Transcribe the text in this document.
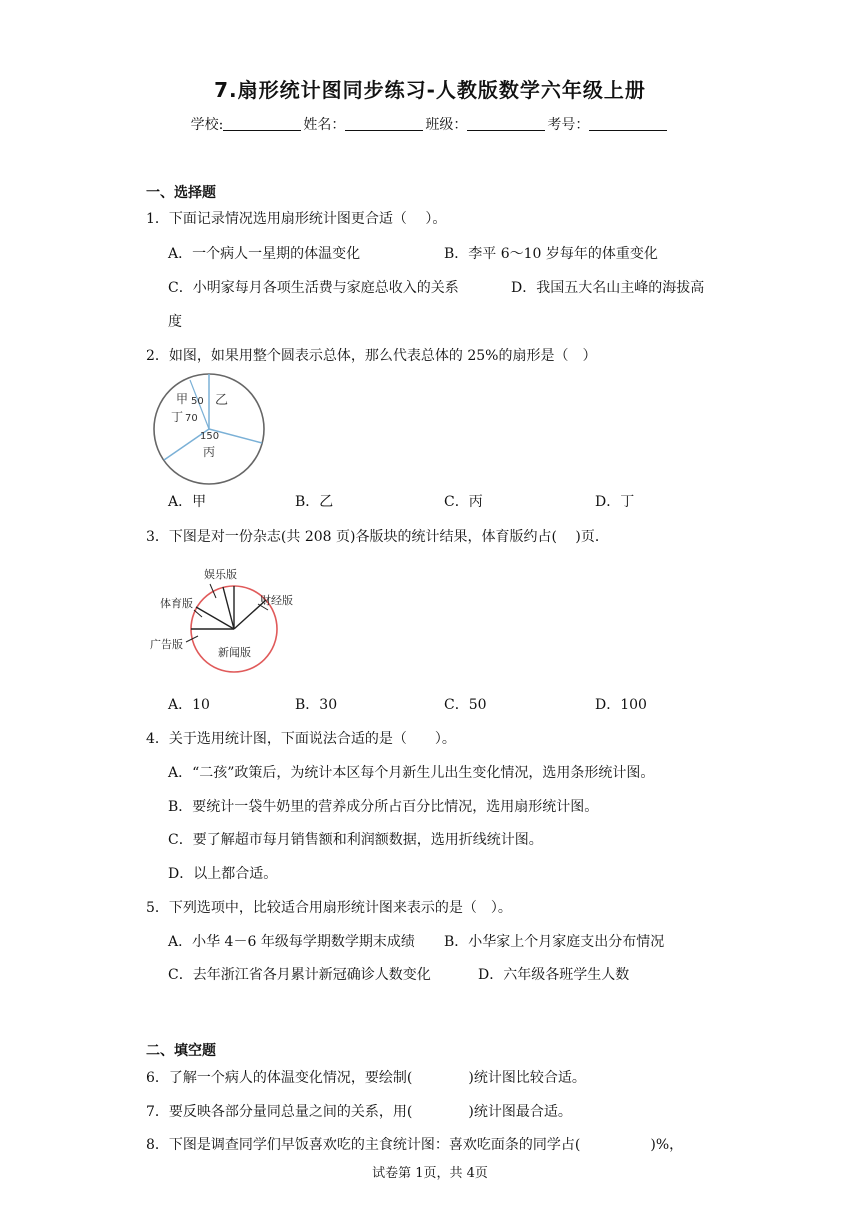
7.扇形统计图同步练习-人教版数学六年级上册
学校:	姓名：	班级：	考号：
一、选择题
1．下面记录情况选用扇形统计图更合适（　 ）。
A．一个病人一星期的体温变化	B．李平 6～10 岁每年的体重变化
C．小明家每月各项生活费与家庭总收入的关系	D．我国五大名山主峰的海拔高
度
2．如图，如果用整个圆表示总体，那么代表总体的 25%的扇形是（　）
甲 50 乙
丁 70
150
丙
A．甲	B．乙	C．丙	D．丁
3．下图是对一份杂志(共 208 页)各版块的统计结果，体育版约占(　 )页．
娱乐版
体育版	财经版
广告版
新闻版
A．10	B．30	C．50	D．100
4．关于选用统计图，下面说法合适的是（　　）。
A．“二孩”政策后，为统计本区每个月新生儿出生变化情况，选用条形统计图。
B．要统计一袋牛奶里的营养成分所占百分比情况，选用扇形统计图。
C．要了解超市每月销售额和利润额数据，选用折线统计图。
D．以上都合适。
5．下列选项中，比较适合用扇形统计图来表示的是（　）。
A．小华 4－6 年级每学期数学期末成绩 B．小华家上个月家庭支出分布情况
C．去年浙江省各月累计新冠确诊人数变化	D．六年级各班学生人数
二、填空题
6．了解一个病人的体温变化情况，要绘制(　　　　)统计图比较合适。
7．要反映各部分量同总量之间的关系，用(　　　　)统计图最合适。
8．下图是调查同学们早饭喜欢吃的主食统计图：喜欢吃面条的同学占(　　　　　)%，
试卷第 1页，共 4页
